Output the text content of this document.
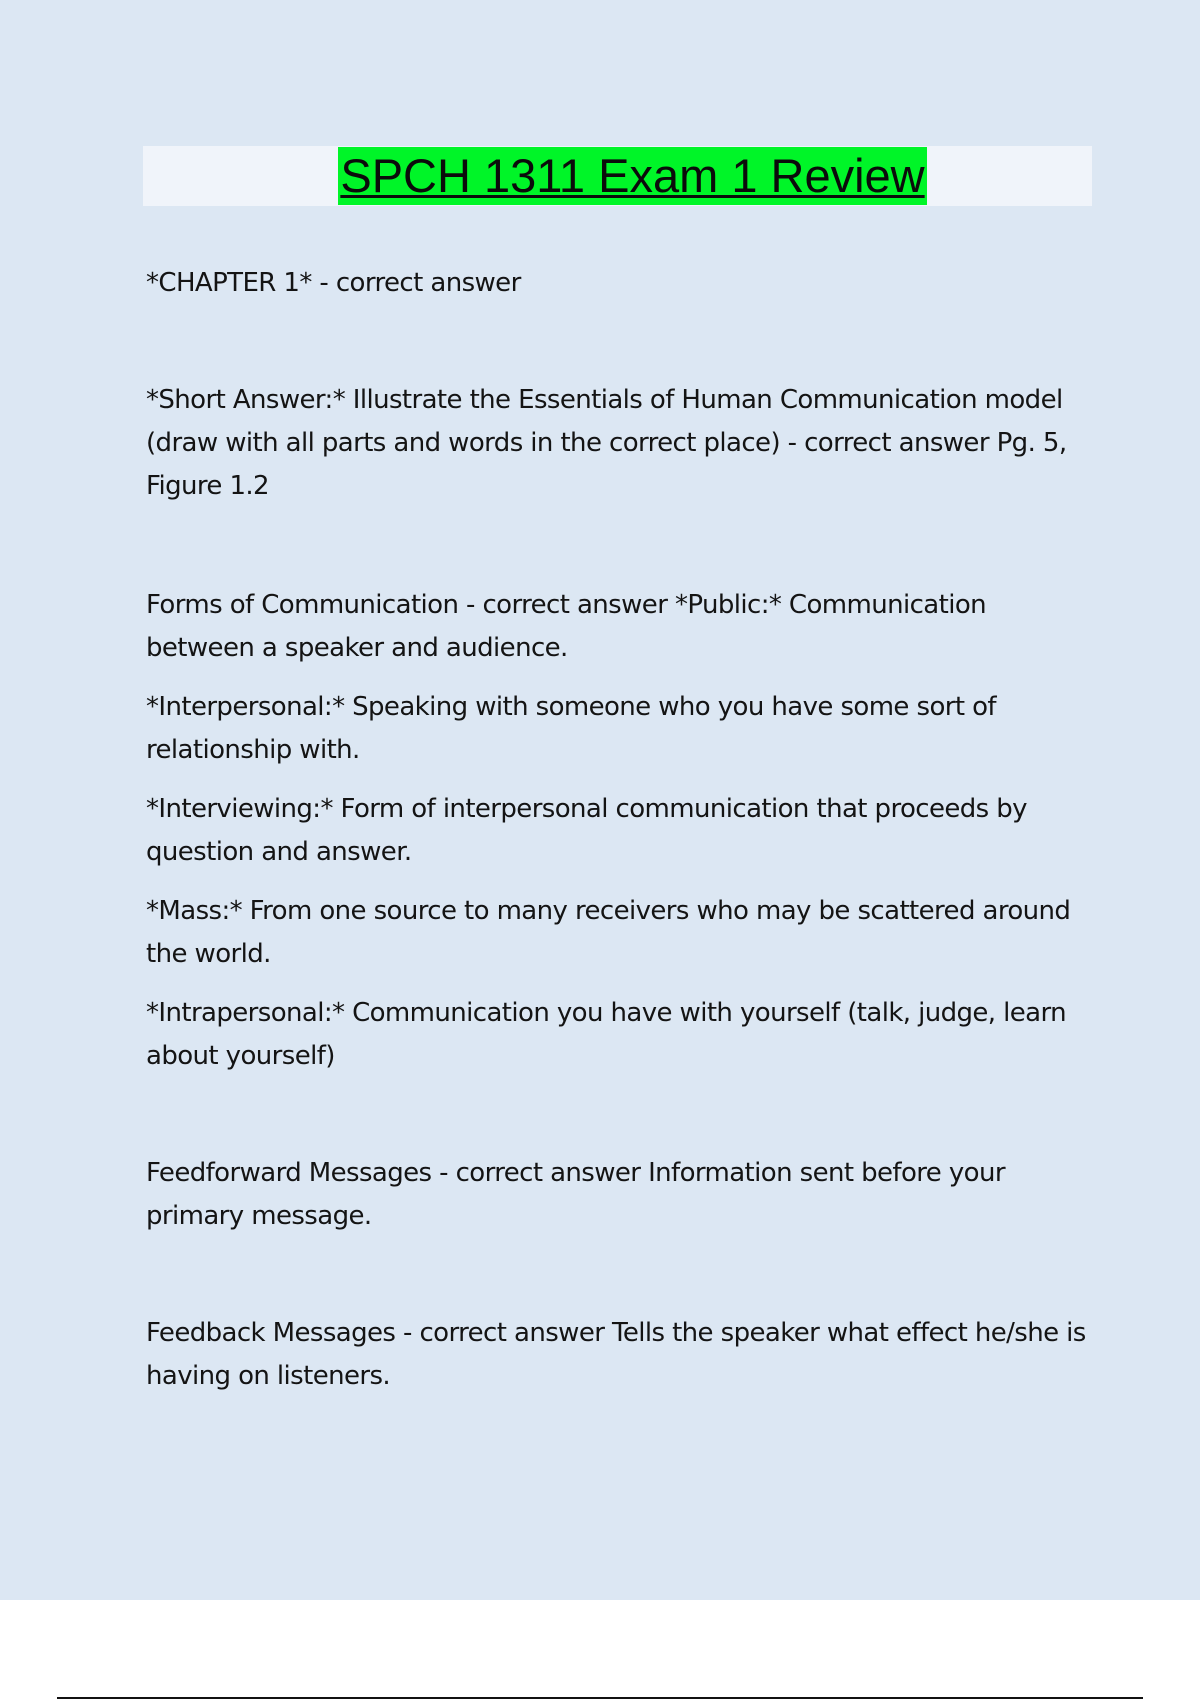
SPCH 1311 Exam 1 Review

*CHAPTER 1* - correct answer

*Short Answer:* Illustrate the Essentials of Human Communication model (draw with all parts and words in the correct place) - correct answer Pg. 5, Figure 1.2

Forms of Communication - correct answer *Public:* Communication between a speaker and audience.

*Interpersonal:* Speaking with someone who you have some sort of relationship with.

*Interviewing:* Form of interpersonal communication that proceeds by question and answer.

*Mass:* From one source to many receivers who may be scattered around the world.

*Intrapersonal:* Communication you have with yourself (talk, judge, learn about yourself)

Feedforward Messages - correct answer Information sent before your primary message.

Feedback Messages - correct answer Tells the speaker what effect he/she is having on listeners.
